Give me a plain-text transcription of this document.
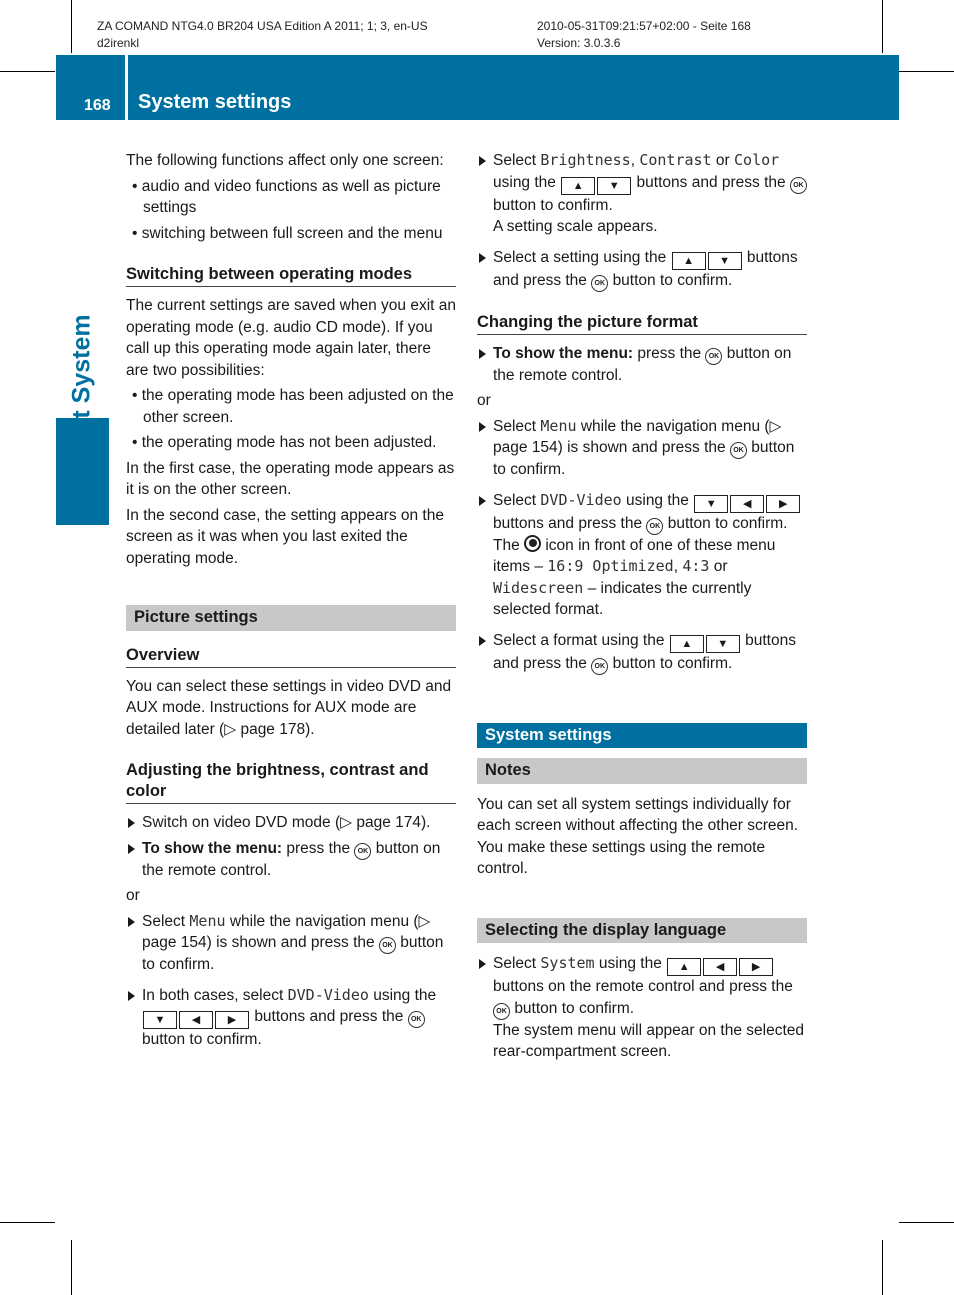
ZA COMAND NTG4.0 BR204 USA Edition A 2011; 1; 3, en-US
d2irenkl
2010-05-31T09:21:57+02:00 - Seite 168
Version: 3.0.3.6
168 System settings

The following functions affect only one screen:

• audio and video functions as well as picture settings
• switching between full screen and the menu
Switching between operating modes

The current settings are saved when you exit an operating mode (e.g. audio CD mode). If you call up this operating mode again later, there are two possibilities:

• the operating mode has been adjusted on the other screen.
• the operating mode has not been adjusted.

In the first case, the operating mode appears as it is on the other screen.

In the second case, the setting appears on the screen as it was when you last exited the operating mode.

Picture settings
Overview

You can select these settings in video DVD and AUX mode. Instructions for AUX mode are detailed later (▷ page 178).

Adjusting the brightness, contrast and color
Switch on video DVD mode (▷ page 174).
To show the menu: press the OK button on the remote control.

or

Select Menu while the navigation menu (▷ page 154) is shown and press the OK button to confirm.
In both cases, select DVD-Video using the ▼ ◀	▶ buttons and press the OK button to confirm.
Select Brightness, Contrast or Color using the ▲ ▼ buttons and press the OK button to confirm.
A setting scale appears.
Select a setting using the ▲ ▼ buttons and press the OK button to confirm.
Changing the picture format
To show the menu: press the OK button on the remote control.

or

Select Menu while the navigation menu (▷ page 154) is shown and press the OK button to confirm.
Select DVD-Video using the ▼ ◀	▶ buttons and press the OK button to confirm.
The icon in front of one of these menu items – 16:9 Optimized, 4:3 or Widescreen – indicates the currently selected format.
Select a format using the ▲ ▼ buttons and press the OK button to confirm.
System settings
Notes

You can set all system settings individually for each screen without affecting the other screen. You make these settings using the remote control.

Selecting the display language
Select System using the ▲ ◀	▶ buttons on the remote control and press the OK button to confirm.
The system menu will appear on the selected rear-compartment screen.
